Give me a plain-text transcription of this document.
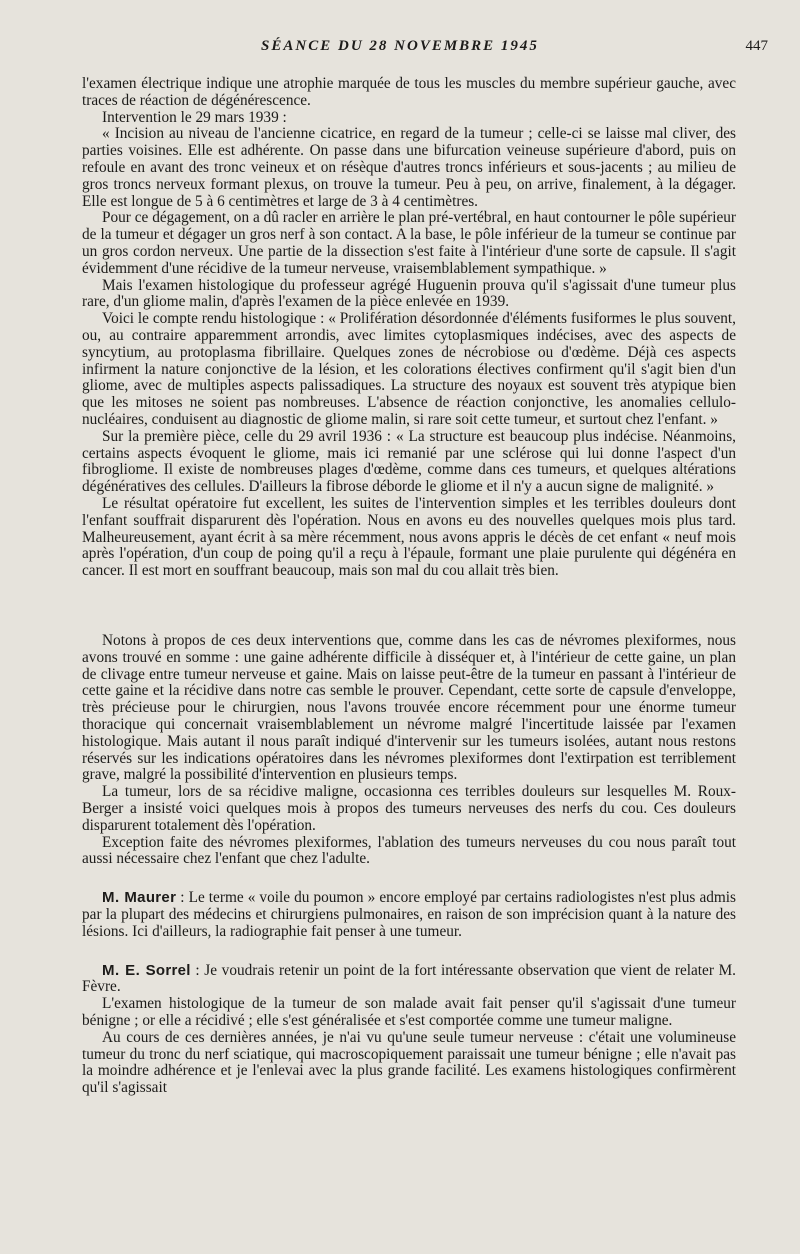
SÉANCE DU 28 NOVEMBRE 1945	447

l'examen électrique indique une atrophie marquée de tous les muscles du membre supérieur gauche, avec traces de réaction de dégénérescence.

Intervention le 29 mars 1939 :

« Incision au niveau de l'ancienne cicatrice, en regard de la tumeur ; celle-ci se laisse mal cliver, des parties voisines. Elle est adhérente. On passe dans une bifurcation veineuse supérieure d'abord, puis on refoule en avant des tronc veineux et on résèque d'autres troncs inférieurs et sous-jacents ; au milieu de gros troncs nerveux formant plexus, on trouve la tumeur. Peu à peu, on arrive, finalement, à la dégager. Elle est longue de 5 à 6 centimètres et large de 3 à 4 centimètres.

Pour ce dégagement, on a dû racler en arrière le plan pré-vertébral, en haut contourner le pôle supérieur de la tumeur et dégager un gros nerf à son contact. A la base, le pôle inférieur de la tumeur se continue par un gros cordon nerveux. Une partie de la dissection s'est faite à l'intérieur d'une sorte de capsule. Il s'agit évidemment d'une récidive de la tumeur nerveuse, vraisemblablement sympathique. »

Mais l'examen histologique du professeur agrégé Huguenin prouva qu'il s'agissait d'une tumeur plus rare, d'un gliome malin, d'après l'examen de la pièce enlevée en 1939.

Voici le compte rendu histologique : « Prolifération désordonnée d'éléments fusiformes le plus souvent, ou, au contraire apparemment arrondis, avec limites cytoplasmiques indécises, avec des aspects de syncytium, au protoplasma fibrillaire. Quelques zones de nécrobiose ou d'œdème. Déjà ces aspects infirment la nature conjonctive de la lésion, et les colorations électives confirment qu'il s'agit bien d'un gliome, avec de multiples aspects palissadiques. La structure des noyaux est souvent très atypique bien que les mitoses ne soient pas nombreuses. L'absence de réaction conjonctive, les anomalies cellulo-nucléaires, conduisent au diagnostic de gliome malin, si rare soit cette tumeur, et surtout chez l'enfant. »

Sur la première pièce, celle du 29 avril 1936 : « La structure est beaucoup plus indécise. Néanmoins, certains aspects évoquent le gliome, mais ici remanié par une sclérose qui lui donne l'aspect d'un fibrogliome. Il existe de nombreuses plages d'œdème, comme dans ces tumeurs, et quelques altérations dégénératives des cellules. D'ailleurs la fibrose déborde le gliome et il n'y a aucun signe de malignité. »

Le résultat opératoire fut excellent, les suites de l'intervention simples et les terribles douleurs dont l'enfant souffrait disparurent dès l'opération. Nous en avons eu des nouvelles quelques mois plus tard. Malheureusement, ayant écrit à sa mère récemment, nous avons appris le décès de cet enfant « neuf mois après l'opération, d'un coup de poing qu'il a reçu à l'épaule, formant une plaie purulente qui dégénéra en cancer. Il est mort en souffrant beaucoup, mais son mal du cou allait très bien.

Notons à propos de ces deux interventions que, comme dans les cas de névromes plexiformes, nous avons trouvé en somme : une gaine adhérente difficile à disséquer et, à l'intérieur de cette gaine, un plan de clivage entre tumeur nerveuse et gaine. Mais on laisse peut-être de la tumeur en passant à l'intérieur de cette gaine et la récidive dans notre cas semble le prouver. Cependant, cette sorte de capsule d'enveloppe, très précieuse pour le chirurgien, nous l'avons trouvée encore récemment pour une énorme tumeur thoracique qui concernait vraisemblablement un névrome malgré l'incertitude laissée par l'examen histologique. Mais autant il nous paraît indiqué d'intervenir sur les tumeurs isolées, autant nous restons réservés sur les indications opératoires dans les névromes plexiformes dont l'extirpation est terriblement grave, malgré la possibilité d'intervention en plusieurs temps.

La tumeur, lors de sa récidive maligne, occasionna ces terribles douleurs sur lesquelles M. Roux-Berger a insisté voici quelques mois à propos des tumeurs nerveuses des nerfs du cou. Ces douleurs disparurent totalement dès l'opération.

Exception faite des névromes plexiformes, l'ablation des tumeurs nerveuses du cou nous paraît tout aussi nécessaire chez l'enfant que chez l'adulte.

M. Maurer : Le terme « voile du poumon » encore employé par certains radiologistes n'est plus admis par la plupart des médecins et chirurgiens pulmonaires, en raison de son imprécision quant à la nature des lésions. Ici d'ailleurs, la radiographie fait penser à une tumeur.

M. E. Sorrel : Je voudrais retenir un point de la fort intéressante observation que vient de relater M. Fèvre.

L'examen histologique de la tumeur de son malade avait fait penser qu'il s'agissait d'une tumeur bénigne ; or elle a récidivé ; elle s'est généralisée et s'est comportée comme une tumeur maligne.

Au cours de ces dernières années, je n'ai vu qu'une seule tumeur nerveuse : c'était une volumineuse tumeur du tronc du nerf sciatique, qui macroscopiquement paraissait une tumeur bénigne ; elle n'avait pas la moindre adhérence et je l'enlevai avec la plus grande facilité. Les examens histologiques confirmèrent qu'il s'agissait
